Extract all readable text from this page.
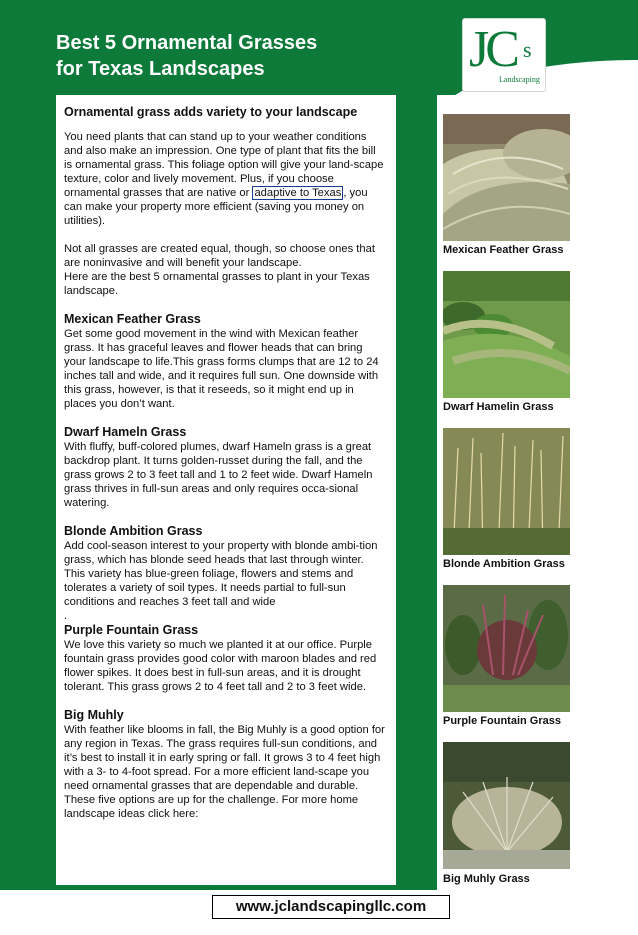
Best 5 Ornamental Grasses
for Texas Landscapes	JC s
Landscaping
Ornamental grass adds variety to your landscape

You need plants that can stand up to your weather conditions and also make an impression. One type of plant that fits the bill is ornamental grass. This foliage option will give your land-scape texture, color and lively movement. Plus, if you choose ornamental grasses that are native or adaptive to Texas , you can make your property more efficient (saving you money on utilities).

Not all grasses are created equal, though, so choose ones that are noninvasive and will benefit your landscape.

Here are the best 5 ornamental grasses to plant in your Texas landscape.

Mexican Feather Grass

Get some good movement in the wind with Mexican feather grass. It has graceful leaves and flower heads that can bring your landscape to life.This grass forms clumps that are 12 to 24 inches tall and wide, and it requires full sun. One downside with this grass, however, is that it reseeds, so it might end up in places you don’t want.

Dwarf Hameln Grass

With fluffy, buff-colored plumes, dwarf Hameln grass is a great backdrop plant. It turns golden-russet during the fall, and the grass grows 2 to 3 feet tall and 1 to 2 feet wide. Dwarf Hameln grass thrives in full-sun areas and only requires occa-sional watering.

Blonde Ambition Grass

Add cool-season interest to your property with blonde ambi-tion grass, which has blonde seed heads that last through winter. This variety has blue-green foliage, flowers and stems and tolerates a variety of soil types. It needs partial to full-sun conditions and reaches 3 feet tall and wide

.

Purple Fountain Grass

We love this variety so much we planted it at our office. Purple fountain grass provides good color with maroon blades and red flower spikes. It does best in full-sun areas, and it is drought tolerant. This grass grows 2 to 4 feet tall and 2 to 3 feet wide.

Big Muhly

With feather like blooms in fall, the Big Muhly is a good option for any region in Texas. The grass requires full-sun conditions, and it’s best to install it in early spring or fall. It grows 3 to 4 feet high with a 3- to 4-foot spread. For a more efficient land-scape you need ornamental grasses that are dependable and durable. These five options are up for the challenge. For more home landscape ideas click here:

Mexican Feather Grass
Dwarf Hamelin Grass
Blonde Ambition Grass
Purple Fountain Grass
Big Muhly Grass
www.jclandscapingllc.com
